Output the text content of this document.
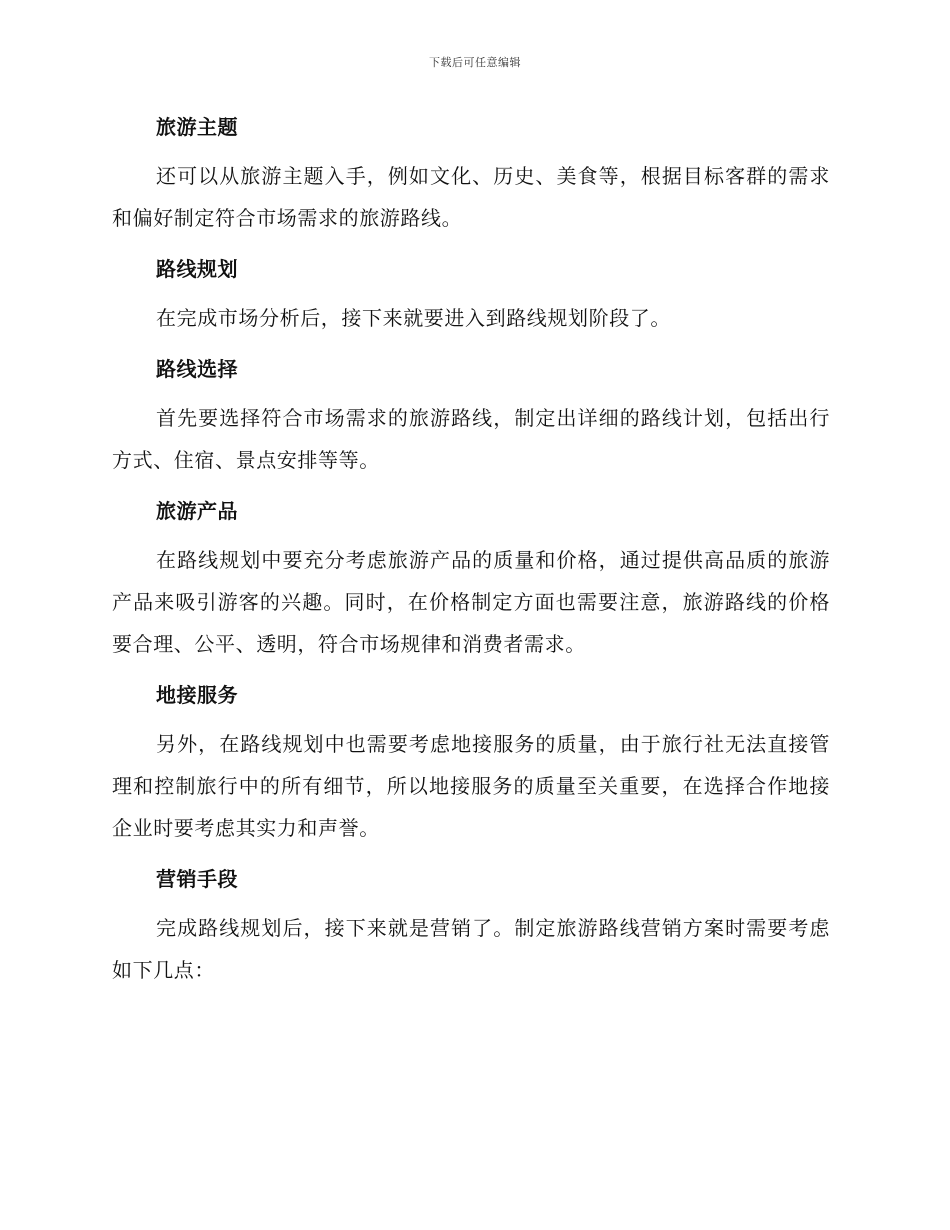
下载后可任意编辑
旅游主题
还可以从旅游主题入手，例如文化、历史、美食等，根据目标客群的需求和偏好制定符合市场需求的旅游路线。
路线规划
在完成市场分析后，接下来就要进入到路线规划阶段了。
路线选择
首先要选择符合市场需求的旅游路线，制定出详细的路线计划，包括出行方式、住宿、景点安排等等。
旅游产品
在路线规划中要充分考虑旅游产品的质量和价格，通过提供高品质的旅游产品来吸引游客的兴趣。同时，在价格制定方面也需要注意，旅游路线的价格要合理、公平、透明，符合市场规律和消费者需求。
地接服务
另外，在路线规划中也需要考虑地接服务的质量，由于旅行社无法直接管理和控制旅行中的所有细节，所以地接服务的质量至关重要，在选择合作地接企业时要考虑其实力和声誉。
营销手段
完成路线规划后，接下来就是营销了。制定旅游路线营销方案时需要考虑如下几点：
